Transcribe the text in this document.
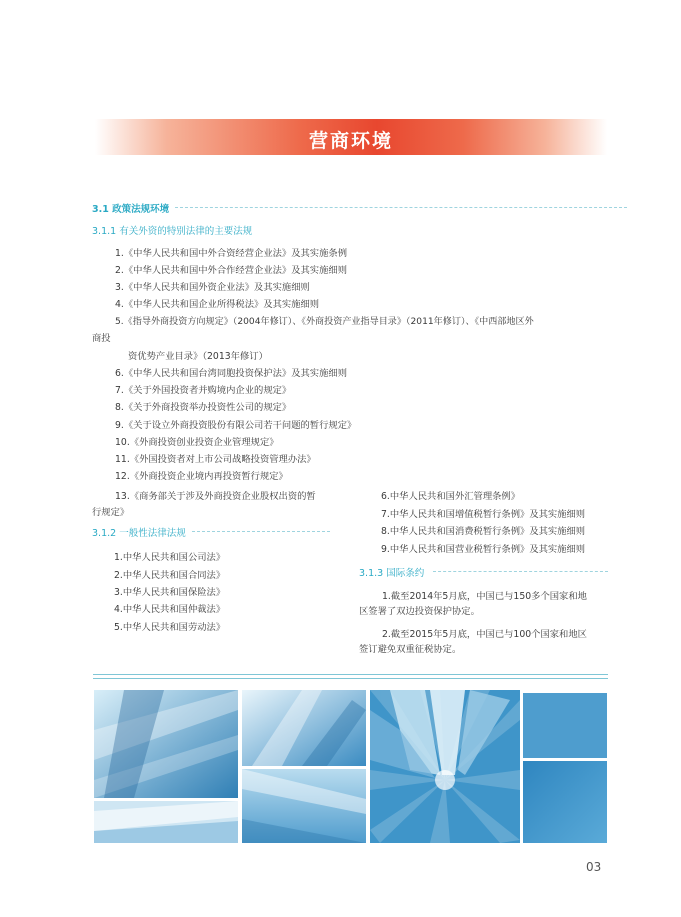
营商环境
3.1 政策法规环境
3.1.1 有关外资的特别法律的主要法规
1.《中华人民共和国中外合资经营企业法》及其实施条例
2.《中华人民共和国中外合作经营企业法》及其实施细则
3.《中华人民共和国外资企业法》及其实施细则
4.《中华人民共和国企业所得税法》及其实施细则
5.《指导外商投资方向规定》（2004年修订）、《外商投资产业指导目录》（2011年修订）、《中西部地区外
商投
资优势产业目录》（2013年修订）
6.《中华人民共和国台湾同胞投资保护法》及其实施细则
7.《关于外国投资者并购境内企业的规定》
8.《关于外商投资举办投资性公司的规定》
9.《关于设立外商投资股份有限公司若干问题的暂行规定》
10.《外商投资创业投资企业管理规定》
11.《外国投资者对上市公司战略投资管理办法》
12.《外商投资企业境内再投资暂行规定》
13.《商务部关于涉及外商投资企业股权出资的暂
行规定》
3.1.2 一般性法律法规
1.中华人民共和国公司法》
2.中华人民共和国合同法》
3.中华人民共和国保险法》
4.中华人民共和国仲裁法》
5.中华人民共和国劳动法》
6.中华人民共和国外汇管理条例》
7.中华人民共和国增值税暂行条例》及其实施细则
8.中华人民共和国消费税暂行条例》及其实施细则
9.中华人民共和国营业税暂行条例》及其实施细则
3.1.3 国际条约
1.截至2014年5月底，中国已与150多个国家和地
区签署了双边投资保护协定。
2.截至2015年5月底，中国已与100个国家和地区
签订避免双重征税协定。
03
